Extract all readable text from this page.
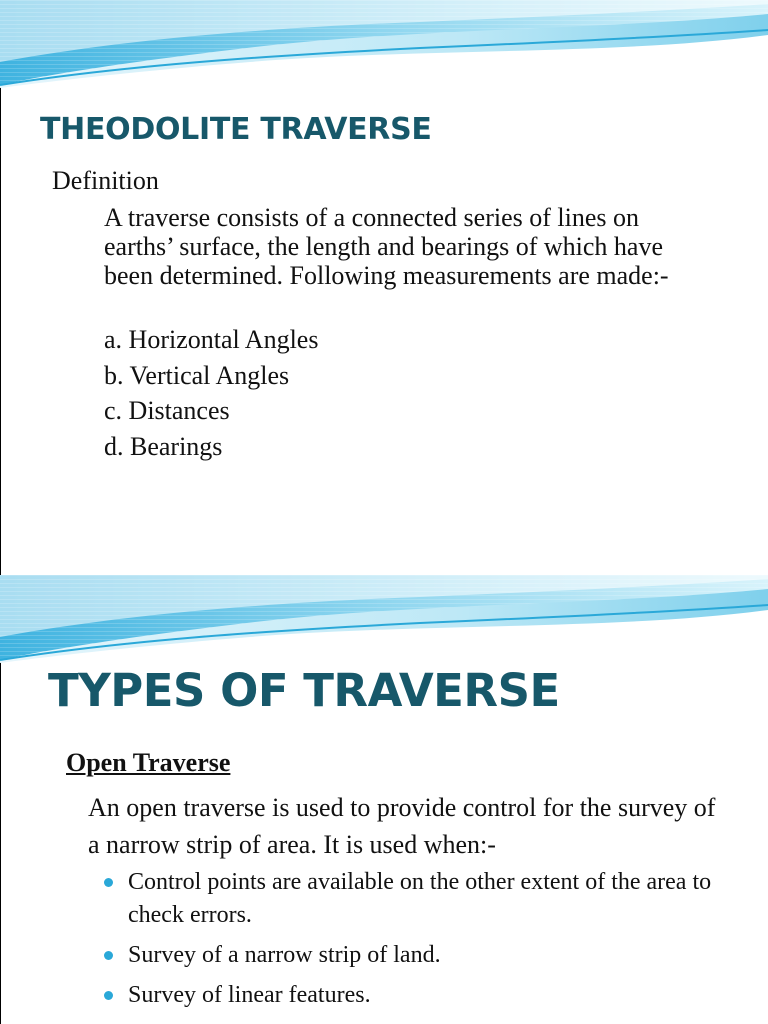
THEODOLITE TRAVERSE

Definition

A traverse consists of a connected series of lines on earths’ surface, the length and bearings of which have been determined. Following measurements are made:-

a. Horizontal Angles
b. Vertical Angles
c. Distances
d. Bearings
TYPES OF TRAVERSE

Open Traverse

An open traverse is used to provide control for the survey of a narrow strip of area. It is used when:-

Control points are available on the other extent of the area to check errors.
Survey of a narrow strip of land.
Survey of linear features.
